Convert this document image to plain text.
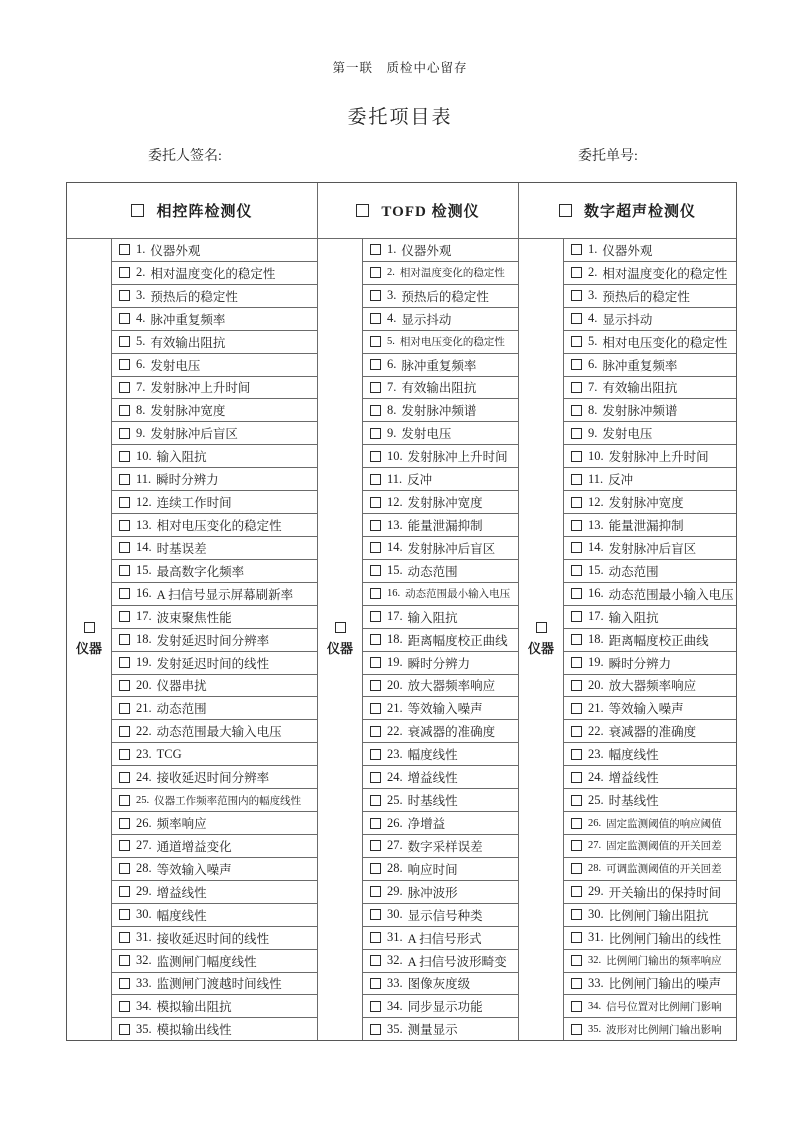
第一联　质检中心留存
委托项目表
委托人签名:	委托单号:
相控阵检测仪
仪器
1. 仪器外观
2. 相对温度变化的稳定性
3. 预热后的稳定性
4. 脉冲重复频率
5. 有效输出阻抗
6. 发射电压
7. 发射脉冲上升时间
8. 发射脉冲宽度
9. 发射脉冲后盲区
10. 输入阻抗
11. 瞬时分辨力
12. 连续工作时间
13. 相对电压变化的稳定性
14. 时基误差
15. 最高数字化频率
16. A 扫信号显示屏幕刷新率
17. 波束聚焦性能
18. 发射延迟时间分辨率
19. 发射延迟时间的线性
20. 仪器串扰
21. 动态范围
22. 动态范围最大输入电压
23. TCG
24. 接收延迟时间分辨率
25. 仪器工作频率范围内的幅度线性
26. 频率响应
27. 通道增益变化
28. 等效输入噪声
29. 增益线性
30. 幅度线性
31. 接收延迟时间的线性
32. 监测闸门幅度线性
33. 监测闸门渡越时间线性
34. 模拟输出阻抗
35. 模拟输出线性
TOFD 检测仪
仪器
1. 仪器外观
2. 相对温度变化的稳定性
3. 预热后的稳定性
4. 显示抖动
5. 相对电压变化的稳定性
6. 脉冲重复频率
7. 有效输出阻抗
8. 发射脉冲频谱
9. 发射电压
10. 发射脉冲上升时间
11. 反冲
12. 发射脉冲宽度
13. 能量泄漏抑制
14. 发射脉冲后盲区
15. 动态范围
16. 动态范围最小输入电压
17. 输入阻抗
18. 距离幅度校正曲线
19. 瞬时分辨力
20. 放大器频率响应
21. 等效输入噪声
22. 衰减器的准确度
23. 幅度线性
24. 增益线性
25. 时基线性
26. 净增益
27. 数字采样误差
28. 响应时间
29. 脉冲波形
30. 显示信号种类
31. A 扫信号形式
32. A 扫信号波形畸变
33. 图像灰度级
34. 同步显示功能
35. 测量显示
数字超声检测仪
仪器
1. 仪器外观
2. 相对温度变化的稳定性
3. 预热后的稳定性
4. 显示抖动
5. 相对电压变化的稳定性
6. 脉冲重复频率
7. 有效输出阻抗
8. 发射脉冲频谱
9. 发射电压
10. 发射脉冲上升时间
11. 反冲
12. 发射脉冲宽度
13. 能量泄漏抑制
14. 发射脉冲后盲区
15. 动态范围
16. 动态范围最小输入电压
17. 输入阻抗
18. 距离幅度校正曲线
19. 瞬时分辨力
20. 放大器频率响应
21. 等效输入噪声
22. 衰减器的准确度
23. 幅度线性
24. 增益线性
25. 时基线性
26. 固定监测阈值的响应阈值
27. 固定监测阈值的开关回差
28. 可调监测阈值的开关回差
29. 开关输出的保持时间
30. 比例闸门输出阻抗
31. 比例闸门输出的线性
32. 比例闸门输出的频率响应
33. 比例闸门输出的噪声
34. 信号位置对比例闸门影响
35. 波形对比例闸门输出影响
